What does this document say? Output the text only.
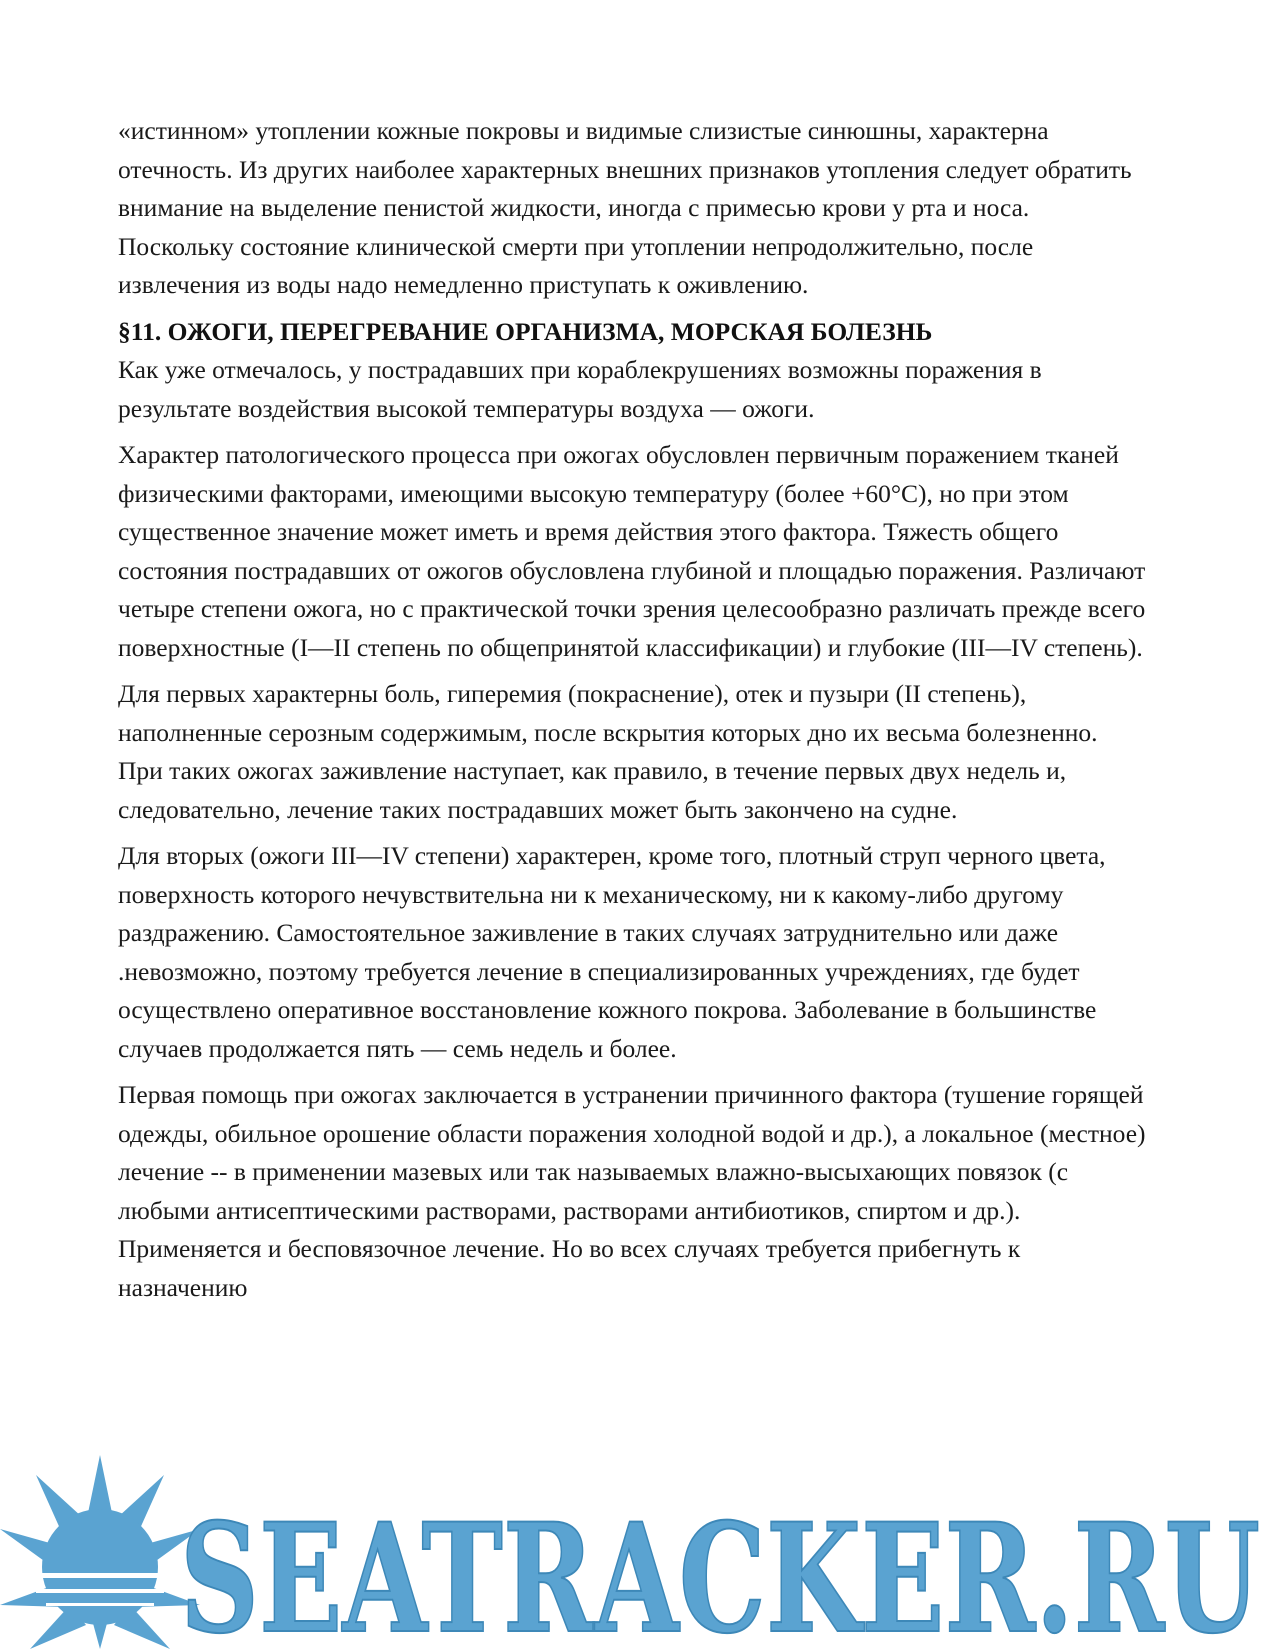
«истинном» утоплении кожные покровы и видимые слизистые синюшны, характерна отечность. Из других наиболее характерных внешних признаков утопления следует обратить внимание на выделение пенистой жидкости, иногда с примесью крови у рта и носа. Поскольку состояние клинической смерти при утоплении непродолжительно, после извлечения из воды надо немедленно приступать к оживлению.

§11. ОЖОГИ, ПЕРЕГРЕВАНИЕ ОРГАНИЗМА, МОРСКАЯ БОЛЕЗНЬ

Как уже отмечалось, у пострадавших при кораблекрушениях возможны поражения в результате воздействия высокой температуры воздуха — ожоги.

Характер патологического процесса при ожогах обусловлен первичным поражением тканей физическими факторами, имеющими высокую температуру (более +60°C), но при этом существенное значение может иметь и время действия этого фактора. Тяжесть общего состояния пострадавших от ожогов обусловлена глубиной и площадью поражения. Различают четыре степени ожога, но с практической точки зрения целесообразно различать прежде всего поверхностные (I—II степень по общепринятой классификации) и глубокие (III—IV степень).

Для первых характерны боль, гиперемия (покраснение), отек и пузыри (II степень), наполненные серозным содержимым, после вскрытия которых дно их весьма болезненно. При таких ожогах заживление наступает, как правило, в течение первых двух недель и, следовательно, лечение таких пострадавших может быть закончено на судне.

Для вторых (ожоги III—IV степени) характерен, кроме того, плотный струп черного цвета, поверхность которого нечувствительна ни к механическому, ни к какому-либо другому раздражению. Самостоятельное заживление в таких случаях затруднительно или даже .невозможно, поэтому требуется лечение в специализированных учреждениях, где будет осуществлено оперативное восстановление кожного покрова. Заболевание в большинстве случаев продолжается пять — семь недель и более.

Первая помощь при ожогах заключается в устранении причинного фактора (тушение горящей одежды, обильное орошение области поражения холодной водой и др.), а локальное (местное) лечение -- в применении мазевых или так называемых влажно-высыхающих повязок (с любыми антисептическими растворами, растворами антибиотиков, спиртом и др.). Применяется и бесповязочное лечение. Но во всех случаях требуется прибегнуть к назначению

SEATRACKER.RU
